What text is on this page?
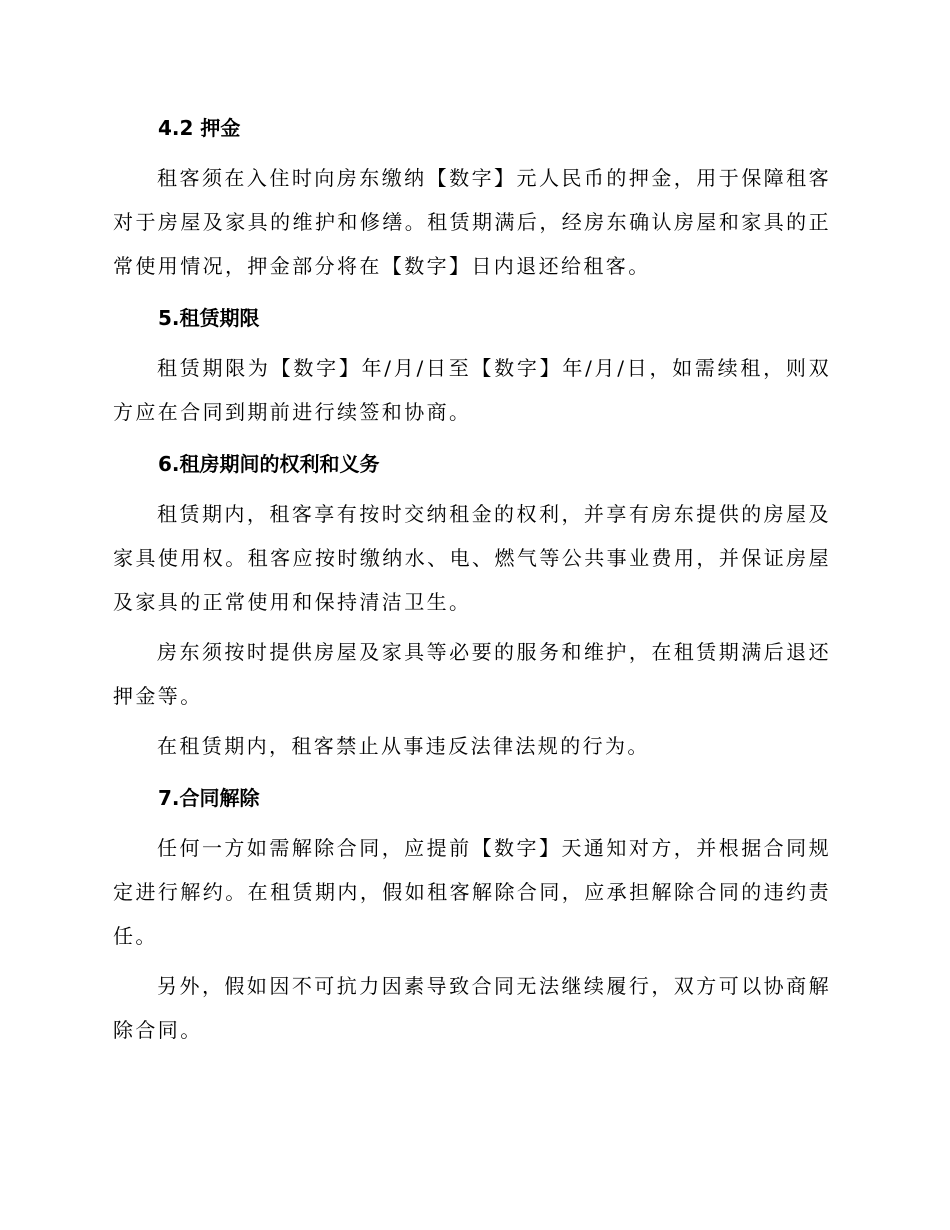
4.2 押金

租客须在入住时向房东缴纳【数字】元人民币的押金，用于保障租客对于房屋及家具的维护和修缮。租赁期满后，经房东确认房屋和家具的正常使用情况，押金部分将在【数字】日内退还给租客。

5.租赁期限

租赁期限为【数字】年/月/日至【数字】年/月/日，如需续租，则双方应在合同到期前进行续签和协商。

6.租房期间的权利和义务

租赁期内，租客享有按时交纳租金的权利，并享有房东提供的房屋及家具使用权。租客应按时缴纳水、电、燃气等公共事业费用，并保证房屋及家具的正常使用和保持清洁卫生。

房东须按时提供房屋及家具等必要的服务和维护，在租赁期满后退还押金等。

在租赁期内，租客禁止从事违反法律法规的行为。

7.合同解除

任何一方如需解除合同，应提前【数字】天通知对方，并根据合同规定进行解约。在租赁期内，假如租客解除合同，应承担解除合同的违约责任。

另外，假如因不可抗力因素导致合同无法继续履行，双方可以协商解除合同。
